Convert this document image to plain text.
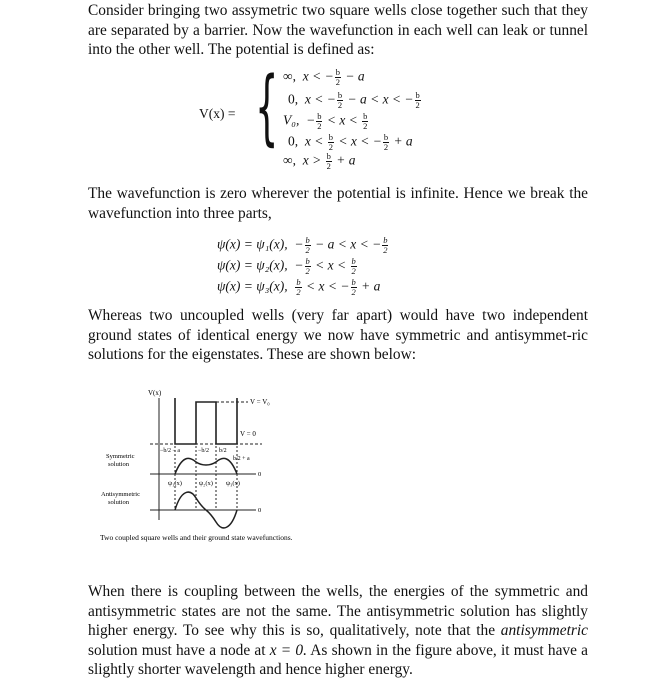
Consider bringing two assymetric two square wells close together such that they are separated by a barrier. Now the wavefunction in each well can leak or tunnel into the other well. The potential is defined as:

V(x) = { ∞, x < − $\frac{b}{2} - a$
0, x < − $\frac{b}{2} - a < x$ < − $\frac{b}{2}$
V₀, − $\frac{b}{2} < x < \frac{b}{2}$
0, $x < \frac{b}{2} < x$ < − $\frac{b}{2} + a$
∞, $x > \frac{b}{2} + a$

The wavefunction is zero wherever the potential is infinite. Hence we break the wavefunction into three parts,

ψ(x) = ψ₁(x), − $\frac{b}{2} - a < x$ < − $\frac{b}{2}$
ψ(x) = ψ₂(x), − $\frac{b}{2} < x < \frac{b}{2}$
ψ(x) = ψ₃(x), $\frac{b}{2} < x$ < − $\frac{b}{2} + a$

Whereas two uncoupled wells (very far apart) would have two independent ground states of identical energy we now have symmetric and antisymmet-ric solutions for the eigenstates. These are shown below:

V(x)
V = V₀
V = 0
−b/2 − a	−b/2 b/2
b/2 + a
Symmetric
solution
Antisymmetric
solution
ψ₁(x)	ψ₂(x) ψ₃(x)
0
0
Two coupled square wells and their ground state wavefunctions.

When there is coupling between the wells, the energies of the symmetric and antisymmetric states are not the same. The antisymmetric solution has slightly higher energy. To see why this is so, qualitatively, note that the antisymmetric solution must have a node at x = 0. As shown in the figure above, it must have a slightly shorter wavelength and hence higher energy.
